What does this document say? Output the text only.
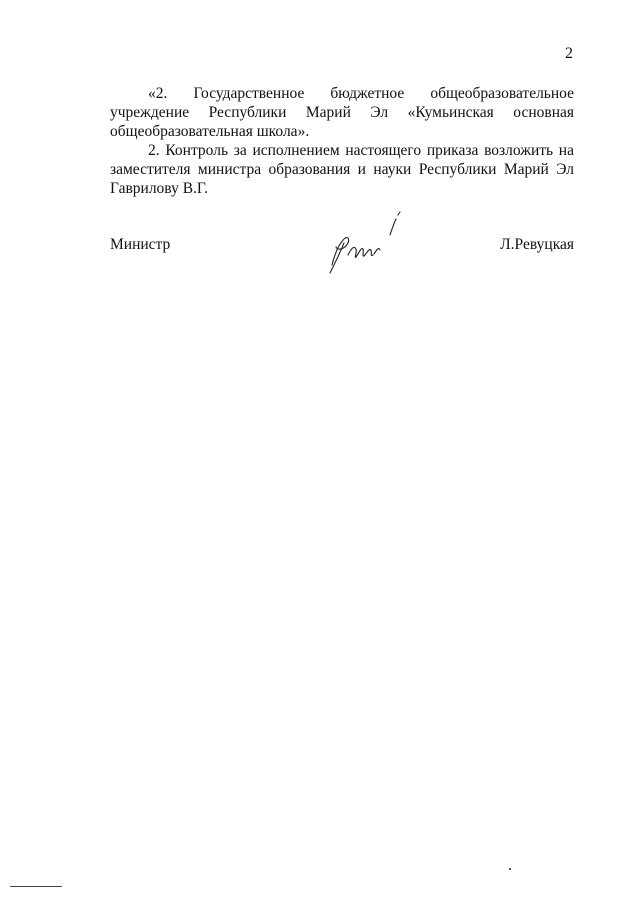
2

«2. Государственное бюджетное общеобразовательное учреждение Республики Марий Эл «Кумьинская основная общеобразовательная школа».

2. Контроль за исполнением настоящего приказа возложить на заместителя министра образования и науки Республики Марий Эл Гаврилову В.Г.

Министр	Л.Ревуцкая
